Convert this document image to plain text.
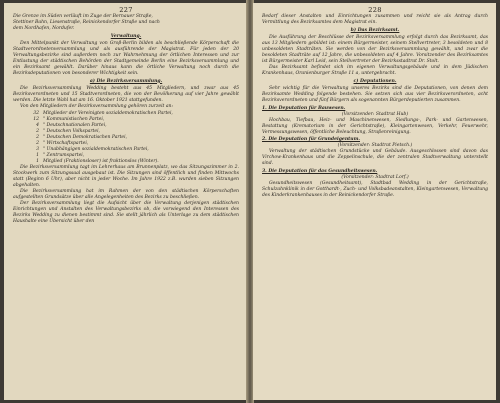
227

Die Grenze im Süden verläuft im Zuge der Bernauer Straße,

Stettiner Bahn, Liesenstraße, Reinickendorfer Straße und nach

dem Nordhafen, Nordufer.

Verwaltung.

Den Mittelpunkt der Verwaltung von Groß-Berlin bilden als beschließende Körperschaft die Stadtverordnetenversammlung und als ausführende der Magistrat. Für jeden der 20 Verwaltungsbezirke sind außerdem noch zur Wahrnehmung der örtlichen Interessen und zur Entlastung der städtischen Behörden der Stadtgemeinde Berlin eine Bezirksversammlung und ein Bezirksamt gewählt. Darüber hinaus kann die örtliche Verwaltung noch durch die Bezirksdeputationen von besonderer Wichtigkeit sein.

a) Die Bezirksversammlung.

Die Bezirksversammlung Wedding besteht aus 45 Mitgliedern, und zwar aus 45 Bezirksverordneten und 15 Stadtverordneten, die von der Bevölkerung auf vier Jahre gewählt werden. Die letzte Wahl hat am 16. Oktober 1921 stattgefunden.

Von den Mitgliedern der Bezirksversammlung gehören zurzeit an:

32 Mitglieder der Vereinigten sozialdemokratischen Partei,
12 " Kommunistischen Partei,
4 " Deutschnationalen Partei,
2 " Deutschen Volkspartei,
2 " Deutschen Demokratischen Partei,
2 " Wirtschaftspartei,
3 " Unabhängigen sozialdemokratischen Partei,
1 " Zentrumspartei,
1 Mitglied (Fraktionsloser) ist fraktionslos (Winter).

Die Bezirksversammlung tagt im Lehrerhaus am Brunnenplatz, wo das Sitzungszimmer in 2. Stockwerk zum Sitzungssaal ausgebaut ist. Die Sitzungen sind öffentlich und finden Mittwochs statt (Beginn 6 Uhr), aber nicht in jeder Woche. Im Jahre 1922 z.B. wurden sieben Sitzungen abgehalten.

Die Bezirksversammlung hat im Rahmen der von den städtischen Körperschaften aufgestellten Grundsätze über alle Angelegenheiten des Bezirks zu beschließen.

Der Bezirksversammlung liegt die Aufsicht über die Verwaltung derjenigen städtischen Einrichtungen und Anstalten des Verwaltungsbezirks ob, die vorwiegend den Interessen des Bezirks Wedding zu dienen bestimmt sind. Sie stellt jährlich als Unterlage zu dem städtischen Haushalte eine Übersicht über den

228

Bedarf dieser Anstalten und Einrichtungen zusammen und reicht sie als Antrag durch Vermittlung des Bezirksamtes dem Magistrat ein.

b) Das Bezirksamt.

Die Ausführung der Beschlüsse der Bezirksversammlung erfolgt durch das Bezirksamt, das aus 13 Mitgliedern gebildet ist: einem Bürgermeister, seinem Stellvertreter, 3 besoldeten und 8 unbesoldeten Stadträten. Sie werden von der Bezirksversammlung gewählt, und zwar die besoldeten Stadträte auf 12 Jahre, die unbesoldeten auf 4 Jahre. Vorsitzender des Bezirksamtes ist Bürgermeister Karl Leid, sein Stellvertreter der Bezirksstadtrat Dr. Stolt.

Das Bezirksamt befindet sich im eigenen Verwaltungsgebäude und in dem Jüdischen Krankenhaus, Oranienburger Straße 11 a, untergebracht.

c) Deputationen.

Sehr wichtig für die Verwaltung unseres Bezirks sind die Deputationen, von denen dem Bezirksamte Wedding folgende bestehen. Sie setzen sich aus vier Bezirksverordneten, acht Bezirksverordneten und fünf Bürgern als sogenannten Bürgerdeputierten zusammen.

1. Die Deputation für Bauwesen.

(Vorsitzender: Stadtrat Hub)

Hochbau, Tiefbau, Heiz- und Maschinenwesen, Siedlungs-, Park- und Gartenwesen, Bestattung (Krematorium in der Gerichtstraße), Kleingartenwesen, Verkehr, Feuerwehr, Vermessungswesen, öffentliche Beleuchtung, Straßenreinigung.

2. Die Deputation für Grundeigentum.

(Vorsitzender: Stadtrat Pietsch.)

Verwaltung der städtischen Grundstücke und Gebäude. Ausgeschlossen sind davon das Virchow-Krankenhaus und die Zeppelinschule, die der zentralen Stadtverwaltung unterstellt sind.

3. Die Deputation für das Gesundheitswesen.

(Vorsitzender: Stadtrat Lorf.)

Gesundheitswesen (Gesundheitsamt), Stadtbad Wedding in der Gerichtstraße, Schulzahnklinik in der Gotthardt-, Zuch- und Volksbadeanstalten, Kleingartenwesen, Verwaltung des Kinderkrankenhauses in der Reinickendorfer Straße.
